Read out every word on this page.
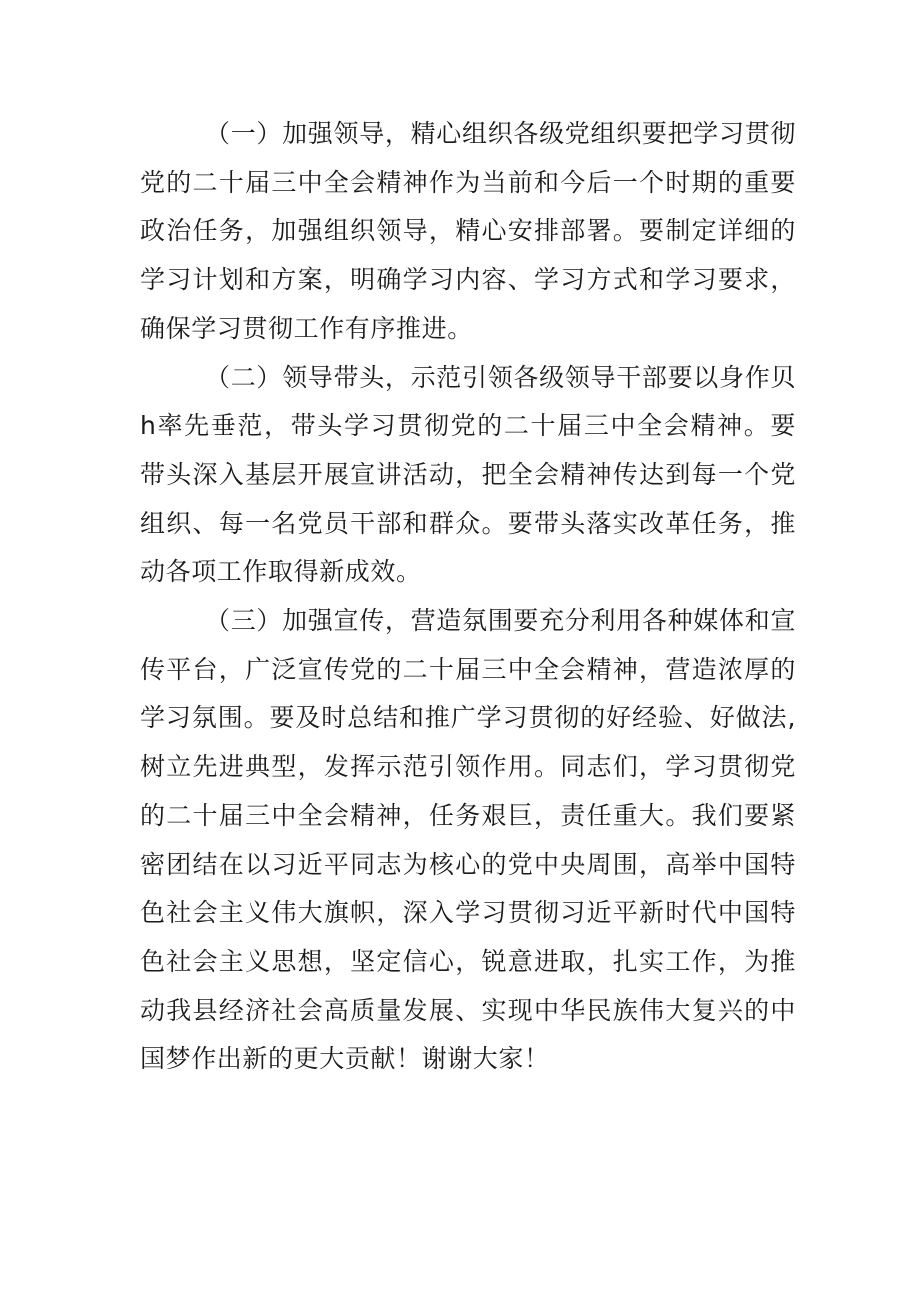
（一）加强领导，精心组织各级党组织要把学习贯彻党的二十届三中全会精神作为当前和今后一个时期的重要政治任务，加强组织领导，精心安排部署。要制定详细的学习计划和方案，明确学习内容、学习方式和学习要求，确保学习贯彻工作有序推进。

（二）领导带头，示范引领各级领导干部要以身作贝h率先垂范，带头学习贯彻党的二十届三中全会精神。要带头深入基层开展宣讲活动，把全会精神传达到每一个党组织、每一名党员干部和群众。要带头落实改革任务，推动各项工作取得新成效。

（三）加强宣传，营造氛围要充分利用各种媒体和宣传平台，广泛宣传党的二十届三中全会精神，营造浓厚的学习氛围。要及时总结和推广学习贯彻的好经验、好做法,树立先进典型，发挥示范引领作用。同志们，学习贯彻党的二十届三中全会精神，任务艰巨，责任重大。我们要紧密团结在以习近平同志为核心的党中央周围，高举中国特色社会主义伟大旗帜，深入学习贯彻习近平新时代中国特色社会主义思想，坚定信心，锐意进取，扎实工作，为推动我县经济社会高质量发展、实现中华民族伟大复兴的中国梦作出新的更大贡献！谢谢大家！
